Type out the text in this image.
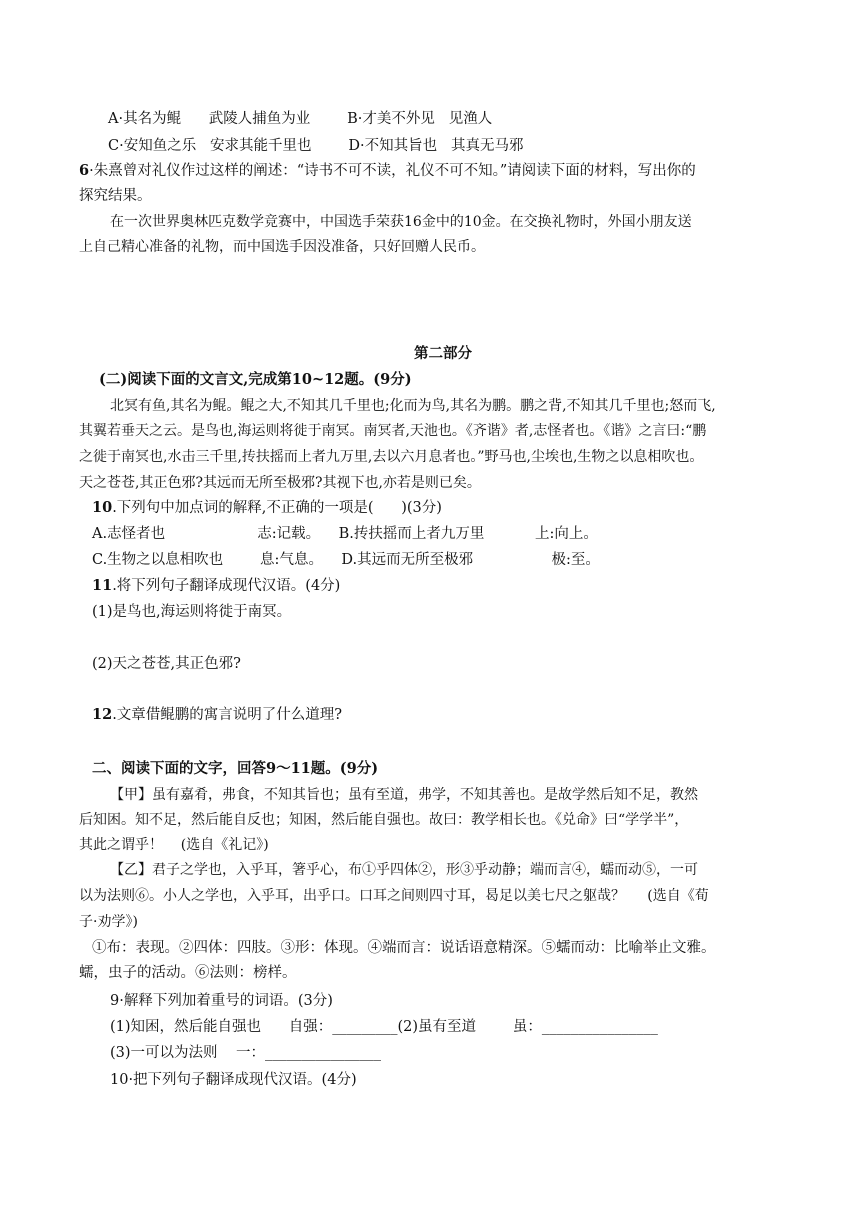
A·其名为鲲      武陵人捕鱼为业        B·才美不外见   见渔人
C·安知鱼之乐   安求其能千里也        D·不知其旨也   其真无马邪
6·朱熹曾对礼仪作过这样的阐述：“诗书不可不读，礼仪不可不知。”请阅读下面的材料，写出你的
探究结果。
在一次世界奥林匹克数学竞赛中，中国选手荣获16金中的10金。在交换礼物时，外国小朋友送
上自己精心准备的礼物，而中国选手因没准备，只好回赠人民币。
第二部分
(二)阅读下面的文言文,完成第10~12题。(9分)
北冥有鱼,其名为鲲。鲲之大,不知其几千里也;化而为鸟,其名为鹏。鹏之背,不知其几千里也;怒而飞,
其翼若垂天之云。是鸟也,海运则将徙于南冥。南冥者,天池也。《齐谐》者,志怪者也。《谐》之言曰:“鹏
之徙于南冥也,水击三千里,抟扶摇而上者九万里,去以六月息者也。”野马也,尘埃也,生物之以息相吹也。
天之苍苍,其正色邪?其远而无所至极邪?其视下也,亦若是则已矣。
10.下列句中加点词的解释,不正确的一项是(      )(3分)
A.志怪者也                    志:记载。    B.抟扶摇而上者九万里           上:向上。
C.生物之以息相吹也        息:气息。    D.其远而无所至极邪                 极:至。
11.将下列句子翻译成现代汉语。(4分)
(1)是鸟也,海运则将徙于南冥。
(2)天之苍苍,其正色邪?
12.文章借鲲鹏的寓言说明了什么道理?
二、阅读下面的文字，回答9～11题。(9分)
【甲】虽有嘉肴，弗食，不知其旨也；虽有至道，弗学，不知其善也。是故学然后知不足，教然
后知困。知不足，然后能自反也；知困，然后能自强也。故曰：教学相长也。《兑命》曰“学学半”，
其此之谓乎！    (选自《礼记》)
【乙】君子之学也，入乎耳，箸乎心，布①乎四体②，形③乎动静；端而言④，蠕而动⑤，一可
以为法则⑥。小人之学也，入乎耳，出乎口。口耳之间则四寸耳，曷足以美七尺之躯哉？     (选自《荀
子·劝学》)
①布：表现。②四体：四肢。③形：体现。④端而言：说话语意精深。⑤蠕而动：比喻举止文雅。
蠕，虫子的活动。⑥法则：榜样。
9·解释下列加着重号的词语。(3分)
(1)知困，然后能自强也      自强：_________(2)虽有至道        虽：________________
(3)一可以为法则    一：________________
10·把下列句子翻译成现代汉语。(4分)
